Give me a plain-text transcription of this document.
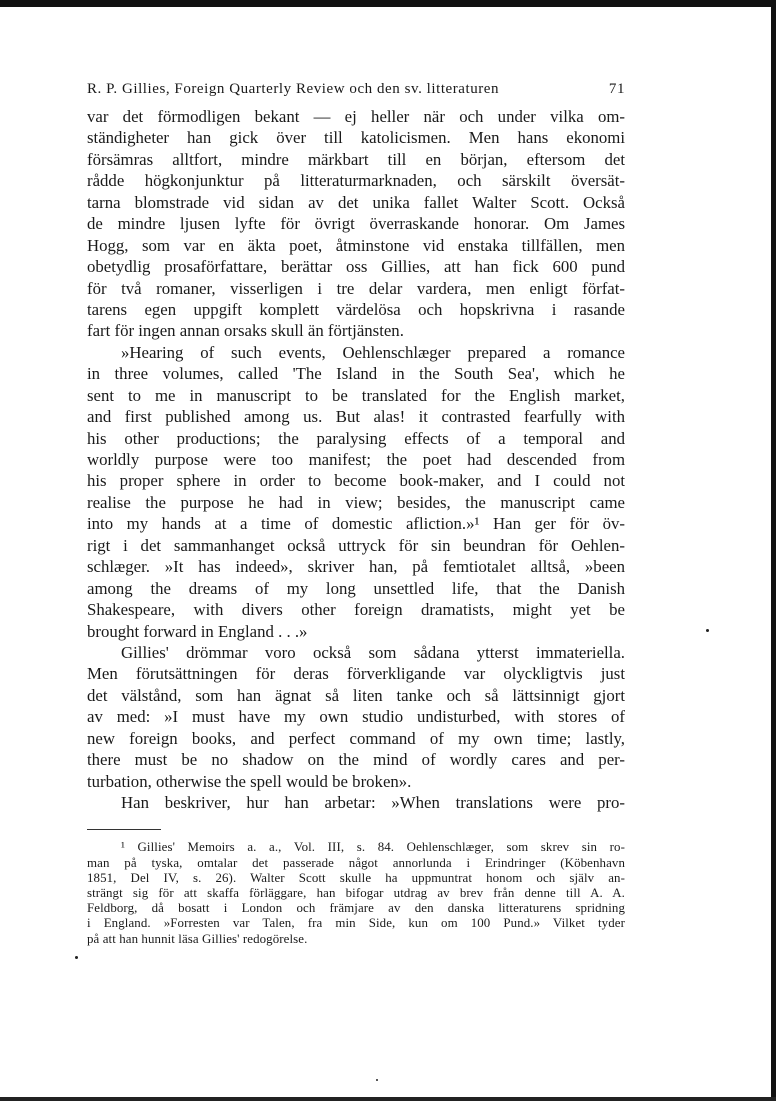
R. P. Gillies, Foreign Quarterly Review och den sv. litteraturen	71
var det förmodligen bekant — ej heller när och under vilka om-
ständigheter han gick över till katolicismen. Men hans ekonomi
försämras alltfort, mindre märkbart till en början, eftersom det
rådde högkonjunktur på litteraturmarknaden, och särskilt översät-
tarna blomstrade vid sidan av det unika fallet Walter Scott. Också
de mindre ljusen lyfte för övrigt överraskande honorar. Om James
Hogg, som var en äkta poet, åtminstone vid enstaka tillfällen, men
obetydlig prosaförfattare, berättar oss Gillies, att han fick 600 pund
för två romaner, visserligen i tre delar vardera, men enligt förfat-
tarens egen uppgift komplett värdelösa och hopskrivna i rasande
fart för ingen annan orsaks skull än förtjänsten.
»Hearing of such events, Oehlenschlæger prepared a romance
in three volumes, called 'The Island in the South Sea', which he
sent to me in manuscript to be translated for the English market,
and first published among us. But alas! it contrasted fearfully with
his other productions; the paralysing effects of a temporal and
worldly purpose were too manifest; the poet had descended from
his proper sphere in order to become book-maker, and I could not
realise the purpose he had in view; besides, the manuscript came
into my hands at a time of domestic afliction.»¹ Han ger för öv-
rigt i det sammanhanget också uttryck för sin beundran för Oehlen-
schlæger. »It has indeed», skriver han, på femtiotalet alltså, »been
among the dreams of my long unsettled life, that the Danish
Shakespeare, with divers other foreign dramatists, might yet be
brought forward in England . . .»
Gillies' drömmar voro också som sådana ytterst immateriella.
Men förutsättningen för deras förverkligande var olyckligtvis just
det välstånd, som han ägnat så liten tanke och så lättsinnigt gjort
av med: »I must have my own studio undisturbed, with stores of
new foreign books, and perfect command of my own time; lastly,
there must be no shadow on the mind of wordly cares and per-
turbation, otherwise the spell would be broken».
Han beskriver, hur han arbetar: »When translations were pro-
¹ Gillies' Memoirs a. a., Vol. III, s. 84. Oehlenschlæger, som skrev sin ro-
man på tyska, omtalar det passerade något annorlunda i Erindringer (Köbenhavn
1851, Del IV, s. 26). Walter Scott skulle ha uppmuntrat honom och själv an-
strängt sig för att skaffa förläggare, han bifogar utdrag av brev från denne till A. A.
Feldborg, då bosatt i London och främjare av den danska litteraturens spridning
i England. »Forresten var Talen, fra min Side, kun om 100 Pund.» Vilket tyder
på att han hunnit läsa Gillies' redogörelse.
